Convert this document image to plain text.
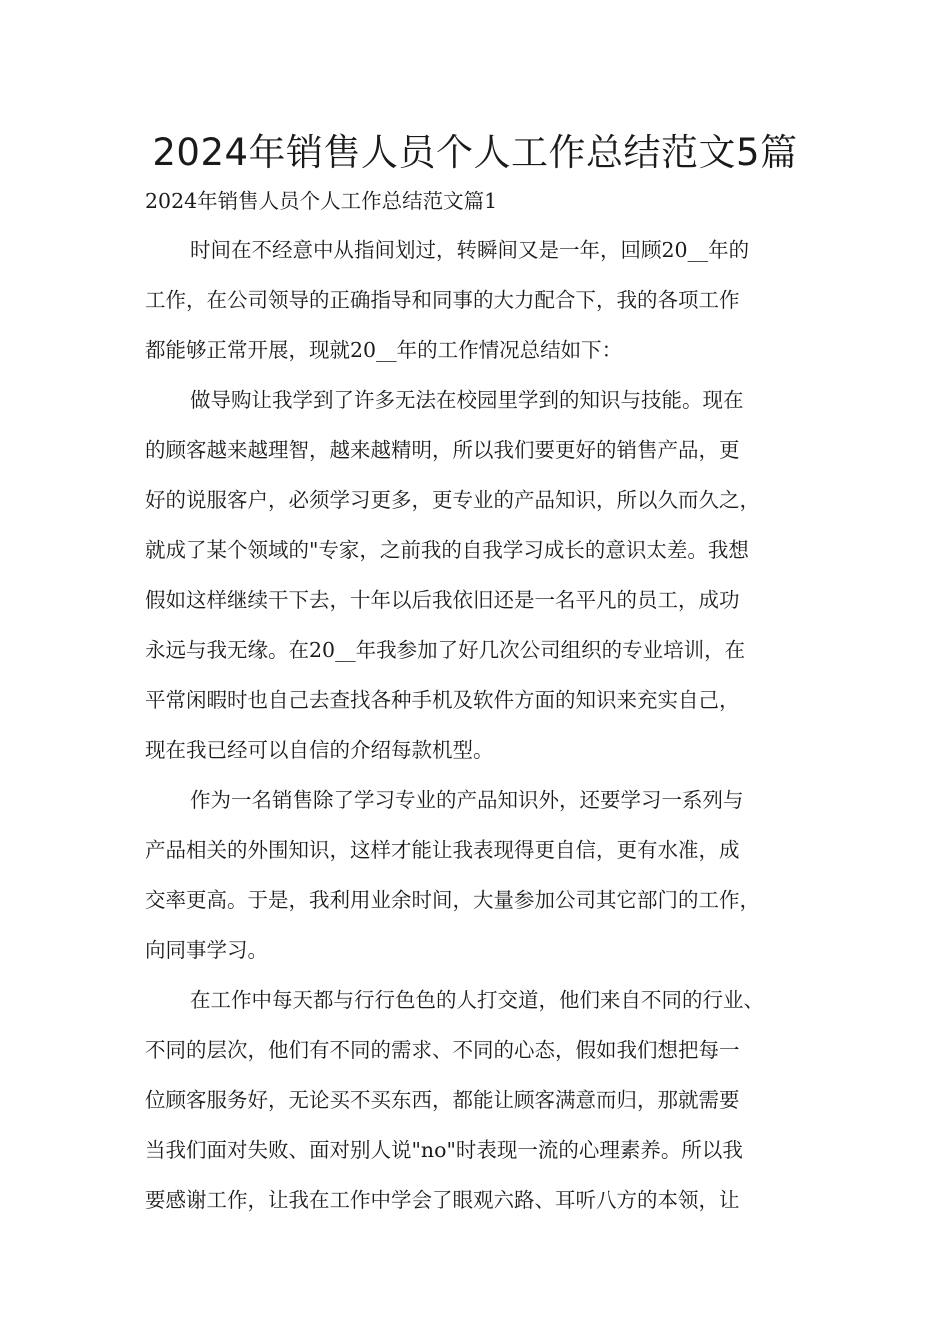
2024年销售人员个人工作总结范文5篇

2024年销售人员个人工作总结范文篇1

时间在不经意中从指间划过，转瞬间又是一年，回顾20__年的

工作，在公司领导的正确指导和同事的大力配合下，我的各项工作

都能够正常开展，现就20__年的工作情况总结如下：

做导购让我学到了许多无法在校园里学到的知识与技能。现在

的顾客越来越理智，越来越精明，所以我们要更好的销售产品，更

好的说服客户，必须学习更多，更专业的产品知识，所以久而久之，

就成了某个领域的"专家，之前我的自我学习成长的意识太差。我想

假如这样继续干下去，十年以后我依旧还是一名平凡的员工，成功

永远与我无缘。在20__年我参加了好几次公司组织的专业培训，在

平常闲暇时也自己去查找各种手机及软件方面的知识来充实自己，

现在我已经可以自信的介绍每款机型。

作为一名销售除了学习专业的产品知识外，还要学习一系列与

产品相关的外围知识，这样才能让我表现得更自信，更有水准，成

交率更高。于是，我利用业余时间，大量参加公司其它部门的工作，

向同事学习。

在工作中每天都与行行色色的人打交道，他们来自不同的行业、

不同的层次，他们有不同的需求、不同的心态，假如我们想把每一

位顾客服务好，无论买不买东西，都能让顾客满意而归，那就需要

当我们面对失败、面对别人说"no"时表现一流的心理素养。所以我

要感谢工作，让我在工作中学会了眼观六路、耳听八方的本领，让
